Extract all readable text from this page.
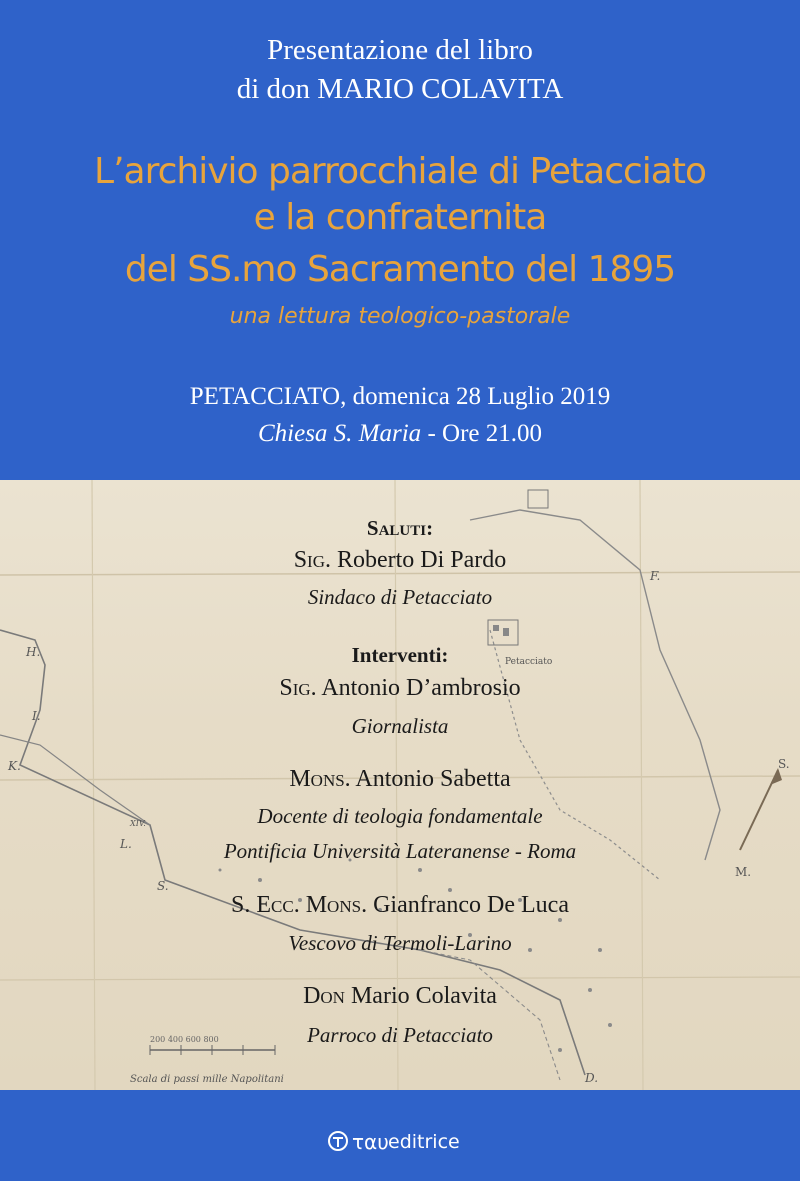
Presentazione del libro
di don MARIO COLAVITA
L’archivio parrocchiale di Petacciato
e la confraternita
del SS.mo Sacramento del 1895
una lettura teologico-pastorale
PETACCIATO, domenica 28 Luglio 2019
Chiesa S. Maria - Ore 21.00
Petacciato
S.
M.
200 400 600 800
Scala di passi mille Napolitani
H.
I.
K.
L.
S.
D.
F.
XIV.
Saluti:
Sig. Roberto Di Pardo
Sindaco di Petacciato
Interventi:
Sig. Antonio D’ambrosio
Giornalista
Mons. Antonio Sabetta
Docente di teologia fondamentale
Pontificia Università Lateranense - Roma
S. Ecc. Mons. Gianfranco De Luca
Vescovo di Termoli-Larino
Don Mario Colavita
Parroco di Petacciato
ταυ editrice
